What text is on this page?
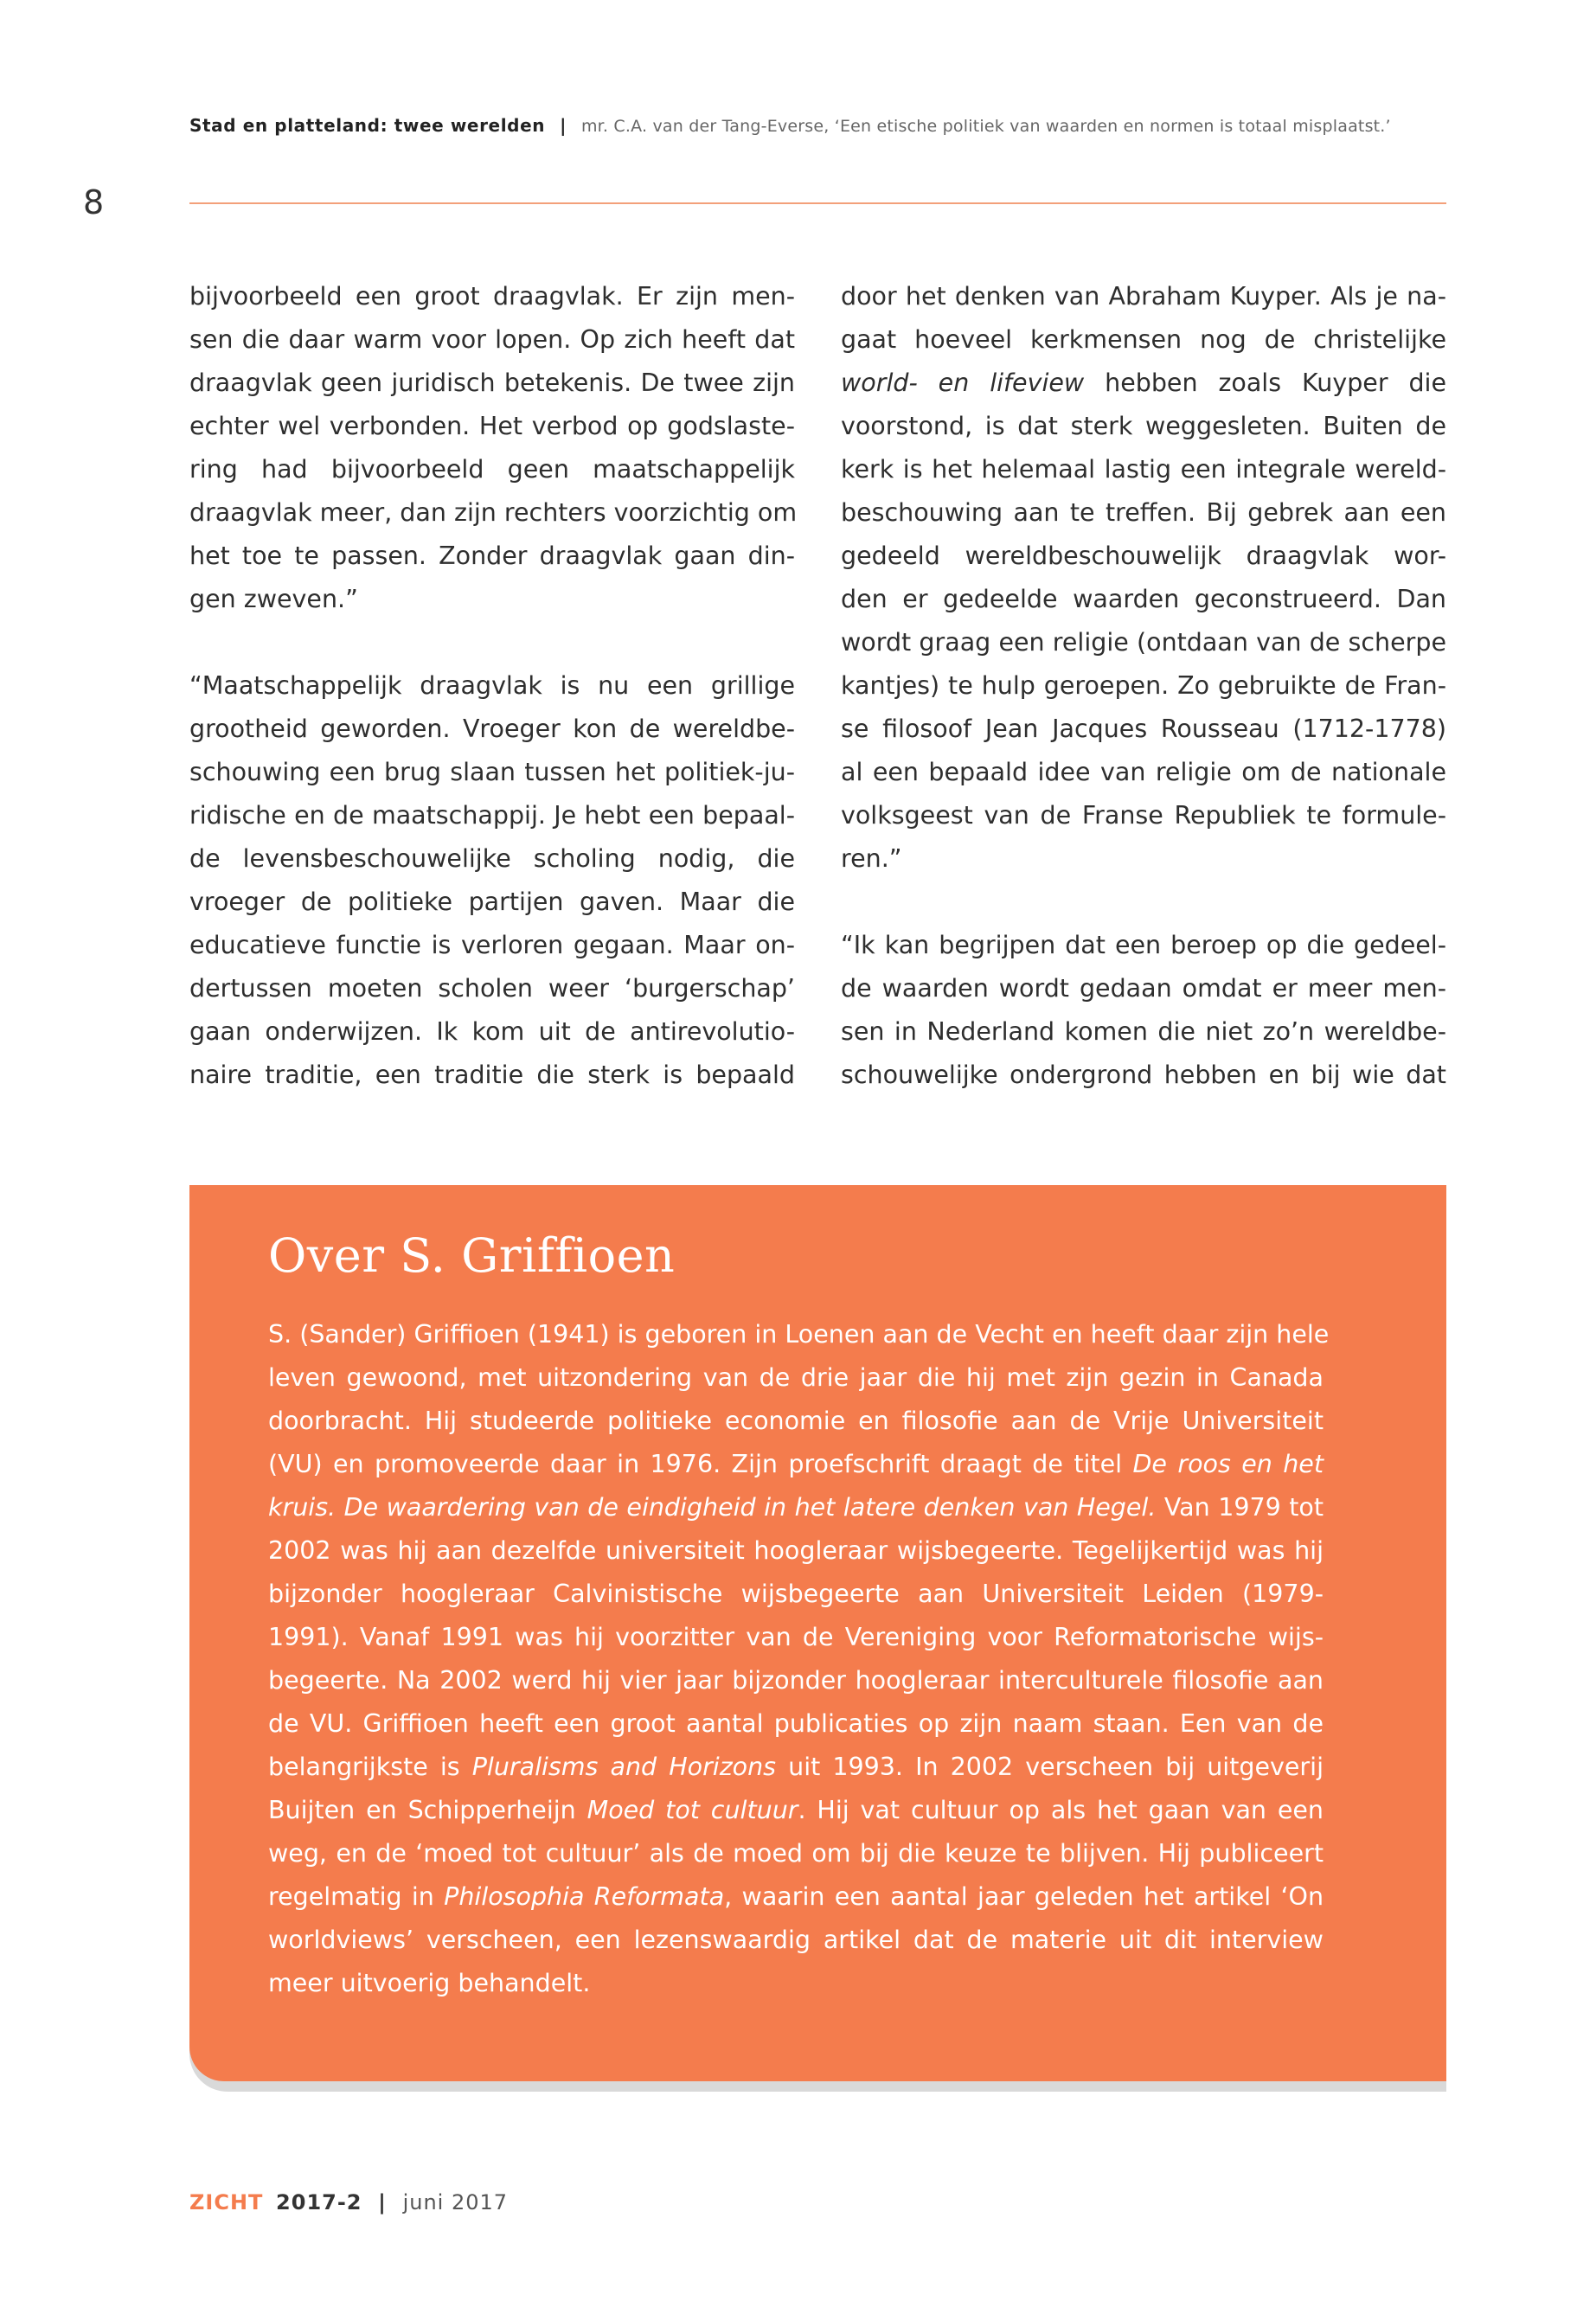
Stad en platteland: twee werelden | mr. C.A. van der Tang-Everse, ‘Een etische politiek van waarden en normen is totaal misplaatst.’
8
bijvoorbeeld een groot draagvlak. Er zijn men-
sen die daar warm voor lopen. Op zich heeft dat
draagvlak geen juridisch betekenis. De twee zijn
echter wel verbonden. Het verbod op godslaste-
ring had bijvoorbeeld geen maatschappelijk
draagvlak meer, dan zijn rechters voorzichtig om
het toe te passen. Zonder draagvlak gaan din-
gen zweven.”
“Maatschappelijk draagvlak is nu een grillige
grootheid geworden. Vroeger kon de wereldbe-
schouwing een brug slaan tussen het politiek-ju-
ridische en de maatschappij. Je hebt een bepaal-
de levensbeschouwelijke scholing nodig, die
vroeger de politieke partijen gaven. Maar die
educatieve functie is verloren gegaan. Maar on-
dertussen moeten scholen weer ‘burgerschap’
gaan onderwijzen. Ik kom uit de antirevolutio-
naire traditie, een traditie die sterk is bepaald
door het denken van Abraham Kuyper. Als je na-
gaat hoeveel kerkmensen nog de christelijke
world- en lifeview hebben zoals Kuyper die
voorstond, is dat sterk weggesleten. Buiten de
kerk is het helemaal lastig een integrale wereld-
beschouwing aan te treffen. Bij gebrek aan een
gedeeld wereldbeschouwelijk draagvlak wor-
den er gedeelde waarden geconstrueerd. Dan
wordt graag een religie (ontdaan van de scherpe
kantjes) te hulp geroepen. Zo gebruikte de Fran-
se filosoof Jean Jacques Rousseau (1712-1778)
al een bepaald idee van religie om de nationale
volksgeest van de Franse Republiek te formule-
ren.”
“Ik kan begrijpen dat een beroep op die gedeel-
de waarden wordt gedaan omdat er meer men-
sen in Nederland komen die niet zo’n wereldbe-
schouwelijke ondergrond hebben en bij wie dat
Over S. Griffioen
S. (Sander) Griffioen (1941) is geboren in Loenen aan de Vecht en heeft daar zijn hele
leven gewoond, met uitzondering van de drie jaar die hij met zijn gezin in Canada
doorbracht. Hij studeerde politieke economie en filosofie aan de Vrije Universiteit
(VU) en promoveerde daar in 1976. Zijn proefschrift draagt de titel De roos en het
kruis. De waardering van de eindigheid in het latere denken van Hegel. Van 1979 tot
2002 was hij aan dezelfde universiteit hoogleraar wijsbegeerte. Tegelijkertijd was hij
bijzonder hoogleraar Calvinistische wijsbegeerte aan Universiteit Leiden (1979-
1991). Vanaf 1991 was hij voorzitter van de Vereniging voor Reformatorische wijs-
begeerte. Na 2002 werd hij vier jaar bijzonder hoogleraar interculturele filosofie aan
de VU. Griffioen heeft een groot aantal publicaties op zijn naam staan. Een van de
belangrijkste is Pluralisms and Horizons uit 1993. In 2002 verscheen bij uitgeverij
Buijten en Schipperheijn Moed tot cultuur. Hij vat cultuur op als het gaan van een
weg, en de ‘moed tot cultuur’ als de moed om bij die keuze te blijven. Hij publiceert
regelmatig in Philosophia Reformata, waarin een aantal jaar geleden het artikel ‘On
worldviews’ verscheen, een lezenswaardig artikel dat de materie uit dit interview
meer uitvoerig behandelt.
ZICHT 2017-2 | juni 2017
